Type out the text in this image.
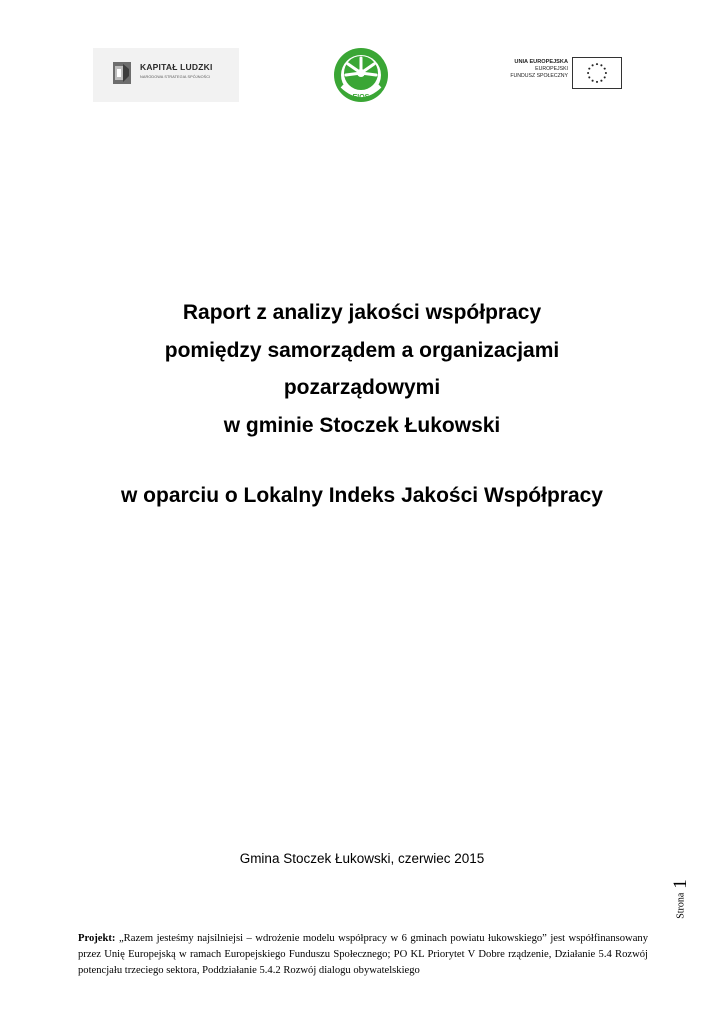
KAPITAŁ LUDZKI
NARODOWA STRATEGIA SPÓJNOŚCI
EIOS
UNIA EUROPEJSKA
EUROPEJSKI
FUNDUSZ SPOŁECZNY
Raport z analizy jakości współpracy
pomiędzy samorządem a organizacjami
pozarządowymi
w gminie Stoczek Łukowski
w oparciu o Lokalny Indeks Jakości Współpracy
Gmina Stoczek Łukowski, czerwiec 2015
Strona1
Projekt: „Razem jesteśmy najsilniejsi – wdrożenie modelu współpracy w 6 gminach powiatu łukowskiego” jest współfinansowany przez Unię Europejską w ramach Europejskiego Funduszu Społecznego; PO KL Priorytet V Dobre rządzenie, Działanie 5.4 Rozwój potencjału trzeciego sektora, Poddziałanie 5.4.2 Rozwój dialogu obywatelskiego
